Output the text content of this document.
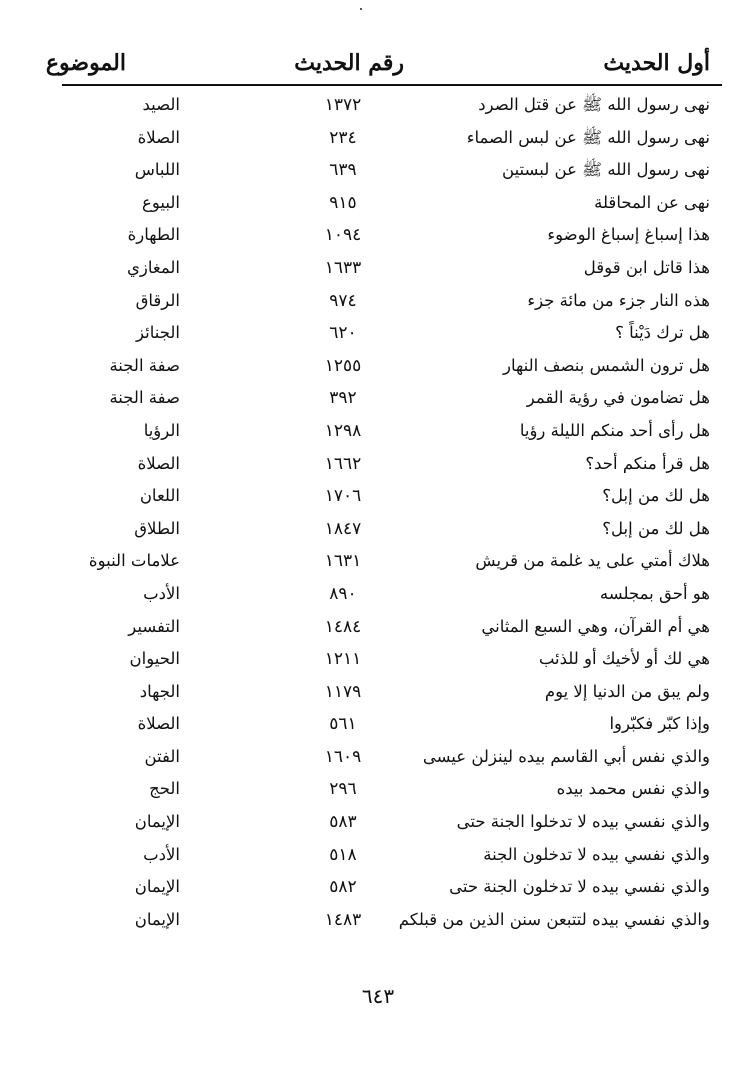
أول الحديث
رقم الحديث
الموضوع
نهى رسول الله ﷺ عن قتل الصرد
١٣٧٢
الصيد
نهى رسول الله ﷺ عن لبس الصماء
٢٣٤
الصلاة
نهى رسول الله ﷺ عن لبستين
٦٣٩
اللباس
نهى عن المحاقلة
٩١٥
البيوع
هذا إسباغ إسباغ الوضوء
١٠٩٤
الطهارة
هذا قاتل ابن قوقل
١٦٣٣
المغازي
هذه النار جزء من مائة جزء
٩٧٤
الرقاق
هل ترك دَيْناً ؟
٦٢٠
الجنائز
هل ترون الشمس بنصف النهار
١٢٥٥
صفة الجنة
هل تضامون في رؤية القمر
٣٩٢
صفة الجنة
هل رأى أحد منكم الليلة رؤيا
١٢٩٨
الرؤيا
هل قرأ منكم أحد؟
١٦٦٢
الصلاة
هل لك من إبل؟
١٧٠٦
اللعان
هل لك من إبل؟
١٨٤٧
الطلاق
هلاك أمتي على يد غلمة من قريش
١٦٣١
علامات النبوة
هو أحق بمجلسه
٨٩٠
الأدب
هي أم القرآن، وهي السبع المثاني
١٤٨٤
التفسير
هي لك أو لأخيك أو للذئب
١٢١١
الحيوان
ولم يبق من الدنيا إلا يوم
١١٧٩
الجهاد
وإذا كبّر فكبّروا
٥٦١
الصلاة
والذي نفس أبي القاسم بيده لينزلن عيسى
١٦٠٩
الفتن
والذي نفس محمد بيده
٢٩٦
الحج
والذي نفسي بيده لا تدخلوا الجنة حتى
٥٨٣
الإيمان
والذي نفسي بيده لا تدخلون الجنة
٥١٨
الأدب
والذي نفسي بيده لا تدخلون الجنة حتى
٥٨٢
الإيمان
والذي نفسي بيده لتتبعن سنن الذين من قبلكم
١٤٨٣
الإيمان
٦٤٣
